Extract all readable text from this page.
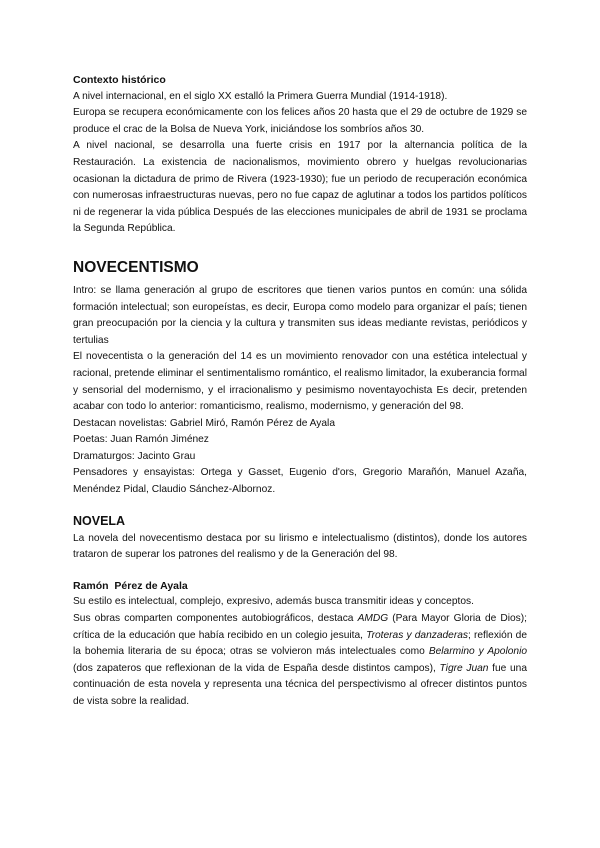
Contexto histórico

A nivel internacional, en el siglo XX estalló la Primera Guerra Mundial (1914-1918).

Europa se recupera económicamente con los felices años 20 hasta que el 29 de octubre de 1929 se produce el crac de la Bolsa de Nueva York, iniciándose los sombríos años 30.

A nivel nacional, se desarrolla una fuerte crisis en 1917 por la alternancia política de la Restauración. La existencia de nacionalismos, movimiento obrero y huelgas revolucionarias ocasionan la dictadura de primo de Rivera (1923-1930); fue un periodo de recuperación económica con numerosas infraestructuras nuevas, pero no fue capaz de aglutinar a todos los partidos políticos ni de regenerar la vida pública Después de las elecciones municipales de abril de 1931 se proclama la Segunda República.

NOVECENTISMO

Intro: se llama generación al grupo de escritores que tienen varios puntos en común: una sólida formación intelectual; son europeístas, es decir, Europa como modelo para organizar el país; tienen gran preocupación por la ciencia y la cultura y transmiten sus ideas mediante revistas, periódicos y tertulias

El novecentista o la generación del 14 es un movimiento renovador con una estética intelectual y racional, pretende eliminar el sentimentalismo romántico, el realismo limitador, la exuberancia formal y sensorial del modernismo, y el irracionalismo y pesimismo noventayochista Es decir, pretenden acabar con todo lo anterior: romanticismo, realismo, modernismo, y generación del 98.

Destacan novelistas: Gabriel Miró, Ramón Pérez de Ayala

Poetas: Juan Ramón Jiménez

Dramaturgos: Jacinto Grau

Pensadores y ensayistas: Ortega y Gasset, Eugenio d'ors, Gregorio Marañón, Manuel Azaña, Menéndez Pidal, Claudio Sánchez-Albornoz.

NOVELA

La novela del novecentismo destaca por su lirismo e intelectualismo (distintos), donde los autores trataron de superar los patrones del realismo y de la Generación del 98.

Ramón  Pérez de Ayala

Su estilo es intelectual, complejo, expresivo, además busca transmitir ideas y conceptos.

Sus obras comparten componentes autobiográficos, destaca AMDG (Para Mayor Gloria de Dios); crítica de la educación que había recibido en un colegio jesuita, Troteras y danzaderas; reflexión de la bohemia literaria de su época; otras se volvieron más intelectuales como Belarmino y Apolonio (dos zapateros que reflexionan de la vida de España desde distintos campos), Tigre Juan fue una continuación de esta novela y representa una técnica del perspectivismo al ofrecer distintos puntos de vista sobre la realidad.
